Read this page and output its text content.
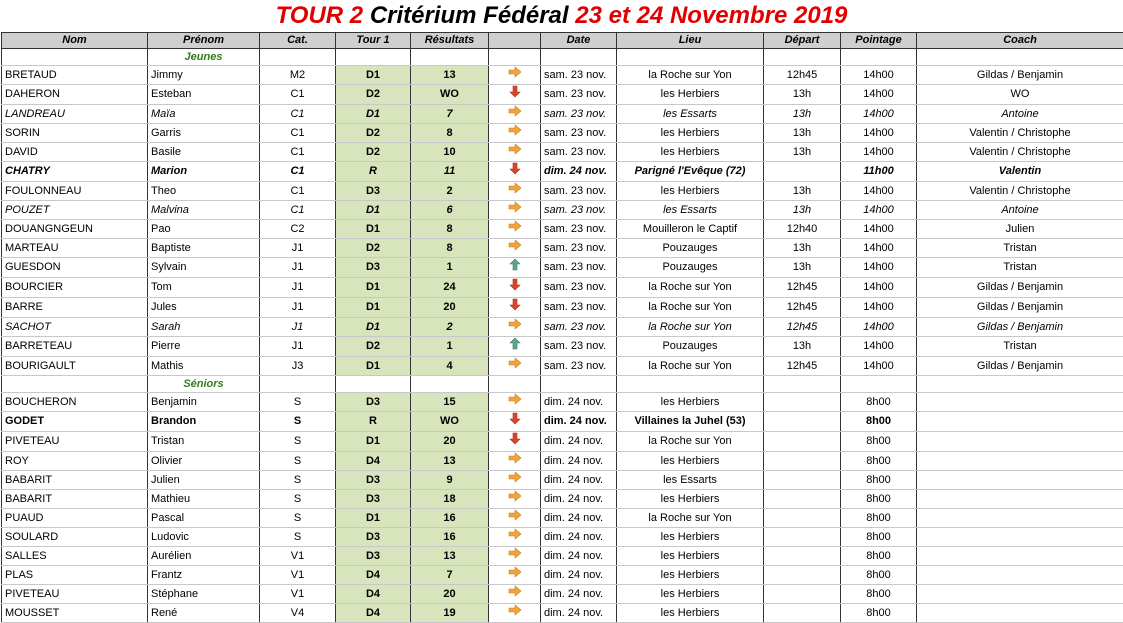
TOUR 2 Critérium Fédéral 23 et 24 Novembre 2019
Nom	Prénom	Cat.	Tour 1	Résultats		Date	Lieu	Départ	Pointage	Coach
	Jeunes									
BRETAUD	Jimmy	M2	D1	13		sam. 23 nov.	la Roche sur Yon	12h45	14h00	Gildas / Benjamin
DAHERON	Esteban	C1	D2	WO		sam. 23 nov.	les Herbiers	13h	14h00	WO
LANDREAU	Maïa	C1	D1	7		sam. 23 nov.	les Essarts	13h	14h00	Antoine
SORIN	Garris	C1	D2	8		sam. 23 nov.	les Herbiers	13h	14h00	Valentin / Christophe
DAVID	Basile	C1	D2	10		sam. 23 nov.	les Herbiers	13h	14h00	Valentin / Christophe
CHATRY	Marion	C1	R	11		dim. 24 nov.	Parigné l'Evêque (72)		11h00	Valentin
FOULONNEAU	Theo	C1	D3	2		sam. 23 nov.	les Herbiers	13h	14h00	Valentin / Christophe
POUZET	Malvina	C1	D1	6		sam. 23 nov.	les Essarts	13h	14h00	Antoine
DOUANGNGEUN	Pao	C2	D1	8		sam. 23 nov.	Mouilleron le Captif	12h40	14h00	Julien
MARTEAU	Baptiste	J1	D2	8		sam. 23 nov.	Pouzauges	13h	14h00	Tristan
GUESDON	Sylvain	J1	D3	1		sam. 23 nov.	Pouzauges	13h	14h00	Tristan
BOURCIER	Tom	J1	D1	24		sam. 23 nov.	la Roche sur Yon	12h45	14h00	Gildas / Benjamin
BARRE	Jules	J1	D1	20		sam. 23 nov.	la Roche sur Yon	12h45	14h00	Gildas / Benjamin
SACHOT	Sarah	J1	D1	2		sam. 23 nov.	la Roche sur Yon	12h45	14h00	Gildas / Benjamin
BARRETEAU	Pierre	J1	D2	1		sam. 23 nov.	Pouzauges	13h	14h00	Tristan
BOURIGAULT	Mathis	J3	D1	4		sam. 23 nov.	la Roche sur Yon	12h45	14h00	Gildas / Benjamin
	Séniors									
BOUCHERON	Benjamin	S	D3	15		dim. 24 nov.	les Herbiers		8h00	
GODET	Brandon	S	R	WO		dim. 24 nov.	Villaines la Juhel (53)		8h00	
PIVETEAU	Tristan	S	D1	20		dim. 24 nov.	la Roche sur Yon		8h00	
ROY	Olivier	S	D4	13		dim. 24 nov.	les Herbiers		8h00	
BABARIT	Julien	S	D3	9		dim. 24 nov.	les Essarts		8h00	
BABARIT	Mathieu	S	D3	18		dim. 24 nov.	les Herbiers		8h00	
PUAUD	Pascal	S	D1	16		dim. 24 nov.	la Roche sur Yon		8h00	
SOULARD	Ludovic	S	D3	16		dim. 24 nov.	les Herbiers		8h00	
SALLES	Aurélien	V1	D3	13		dim. 24 nov.	les Herbiers		8h00	
PLAS	Frantz	V1	D4	7		dim. 24 nov.	les Herbiers		8h00	
PIVETEAU	Stéphane	V1	D4	20		dim. 24 nov.	les Herbiers		8h00	
MOUSSET	René	V4	D4	19		dim. 24 nov.	les Herbiers		8h00	
